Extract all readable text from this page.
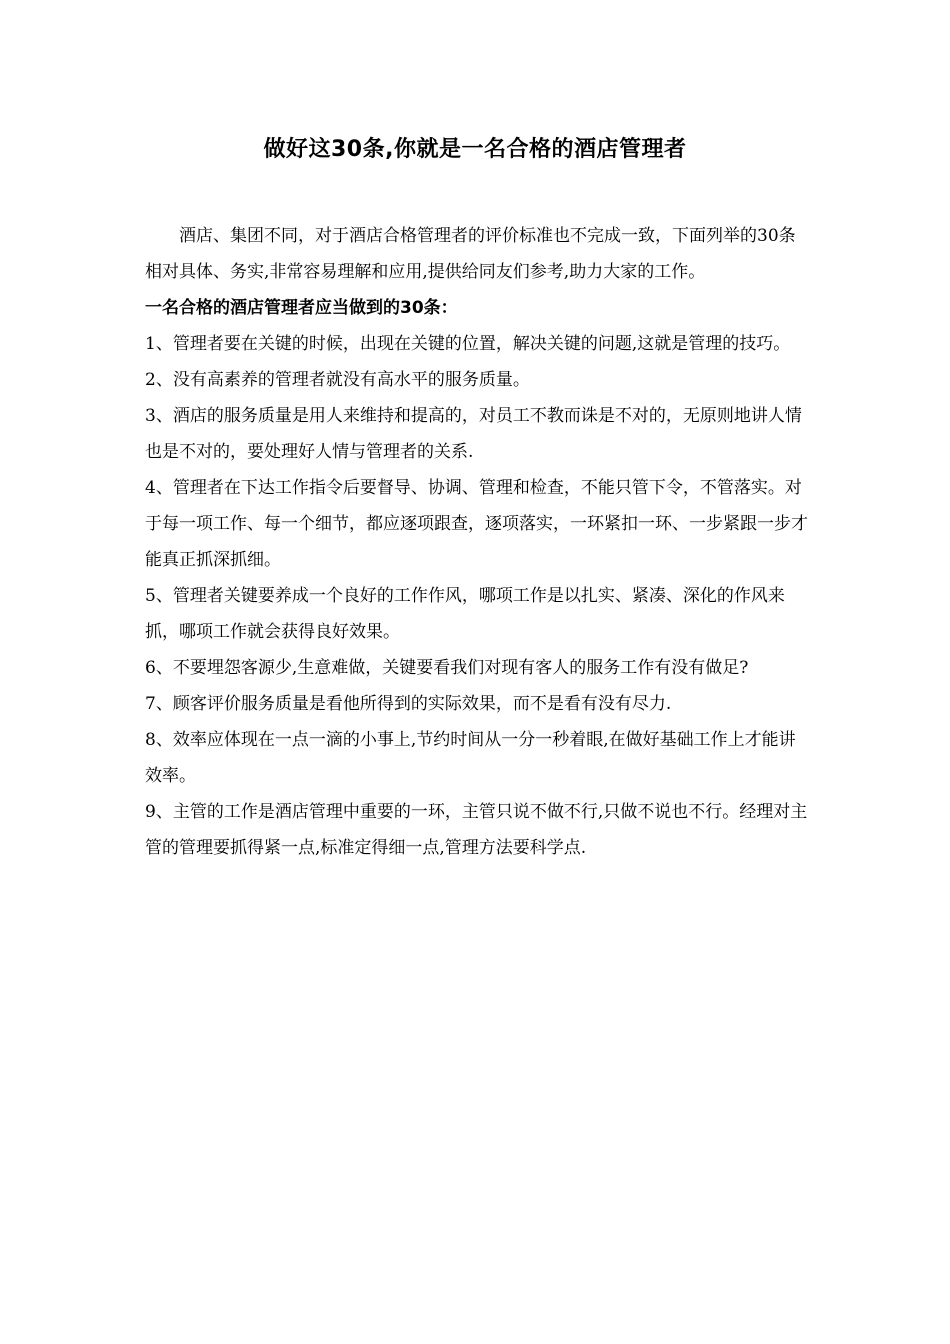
做好这30条,你就是一名合格的酒店管理者

酒店、集团不同，对于酒店合格管理者的评价标准也不完成一致，下面列举的30条相对具体、务实,非常容易理解和应用,提供给同友们参考,助力大家的工作。

一名合格的酒店管理者应当做到的30条：

1、管理者要在关键的时候，出现在关键的位置，解决关键的问题,这就是管理的技巧。

2、没有高素养的管理者就没有高水平的服务质量。

3、酒店的服务质量是用人来维持和提高的，对员工不教而诛是不对的，无原则地讲人情也是不对的，要处理好人情与管理者的关系.

4、管理者在下达工作指令后要督导、协调、管理和检查，不能只管下令，不管落实。对于每一项工作、每一个细节，都应逐项跟查，逐项落实，一环紧扣一环、一步紧跟一步才能真正抓深抓细。

5、管理者关键要养成一个良好的工作作风，哪项工作是以扎实、紧凑、深化的作风来抓，哪项工作就会获得良好效果。

6、不要埋怨客源少,生意难做，关键要看我们对现有客人的服务工作有没有做足?

7、顾客评价服务质量是看他所得到的实际效果，而不是看有没有尽力.

8、效率应体现在一点一滴的小事上,节约时间从一分一秒着眼,在做好基础工作上才能讲效率。

9、主管的工作是酒店管理中重要的一环，主管只说不做不行,只做不说也不行。经理对主管的管理要抓得紧一点,标准定得细一点,管理方法要科学点.
